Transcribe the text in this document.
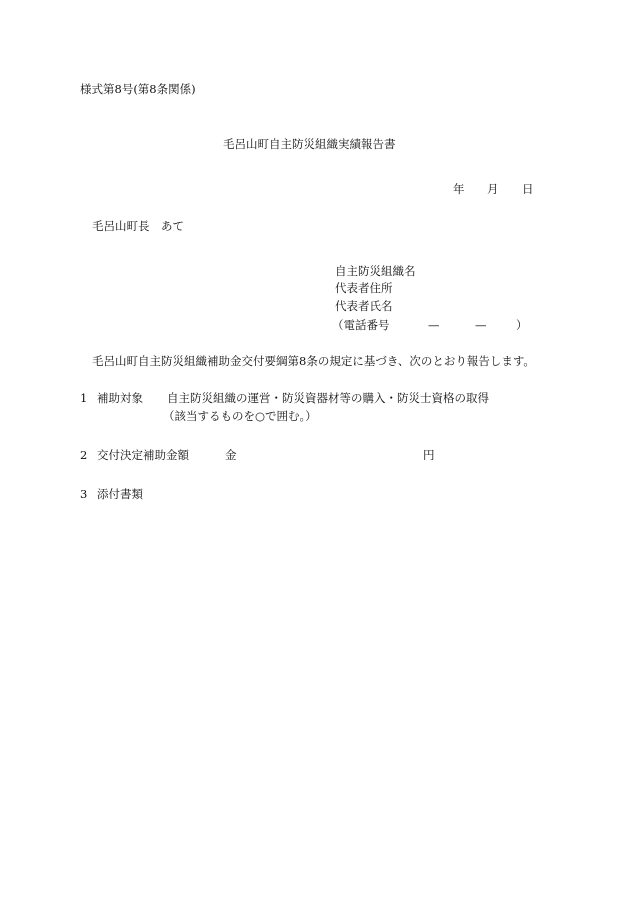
様式第8号(第8条関係)
毛呂山町自主防災組織実績報告書
年 月 日
毛呂山町長　あて
自主防災組織名
代表者住所
代表者氏名
（電話番号	—	—	）
毛呂山町自主防災組織補助金交付要綱第8条の規定に基づき、次のとおり報告します。
1 補助対象 自主防災組織の運営・防災資器材等の購入・防災士資格の取得
（該当するものを○で囲む。）
2 交付決定補助金額	金	円
3 添付書類
